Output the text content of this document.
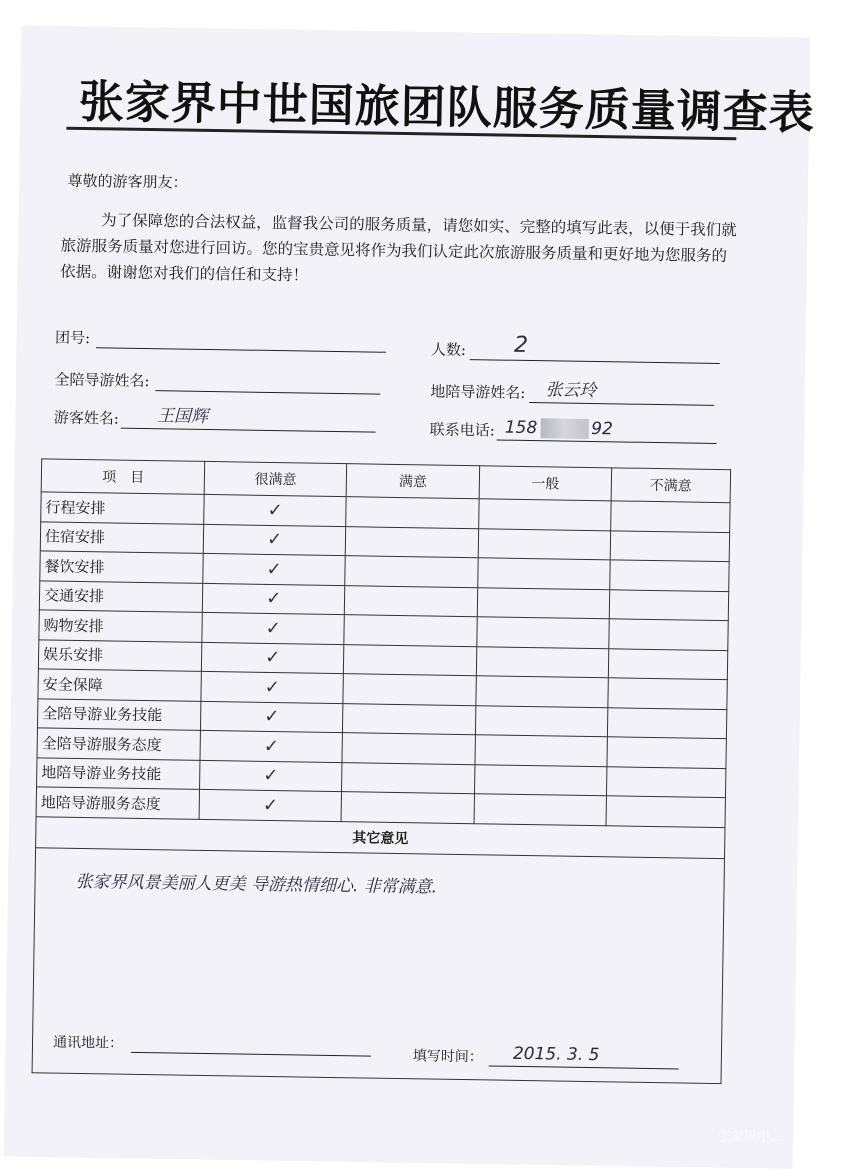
张家界中世国旅团队服务质量调查表
尊敬的游客朋友：

为了保障您的合法权益，监督我公司的服务质量，请您如实、完整的填写此表，以便于我们就旅游服务质量对您进行回访。您的宝贵意见将作为我们认定此次旅游服务质量和更好地为您服务的依据。谢谢您对我们的信任和支持！

团号:
人数: 2
全陪导游姓名:
地陪导游姓名: 张云玲
游客姓名: 王国辉
联系电话: 158	92
项　目	很满意	满意	一般	不满意
行程安排	✓			
住宿安排	✓			
餐饮安排	✓			
交通安排	✓			
购物安排	✓			
娱乐安排	✓			
安全保障	✓			
全陪导游业务技能	✓			
全陪导游服务态度	✓			
地陪导游业务技能	✓			
地陪导游服务态度	✓			
其它意见				

张家界风景美丽人更美 导游热情细心. 非常满意.
通讯地址：
填写时间： 2015. 3. 5				
张家界中...
